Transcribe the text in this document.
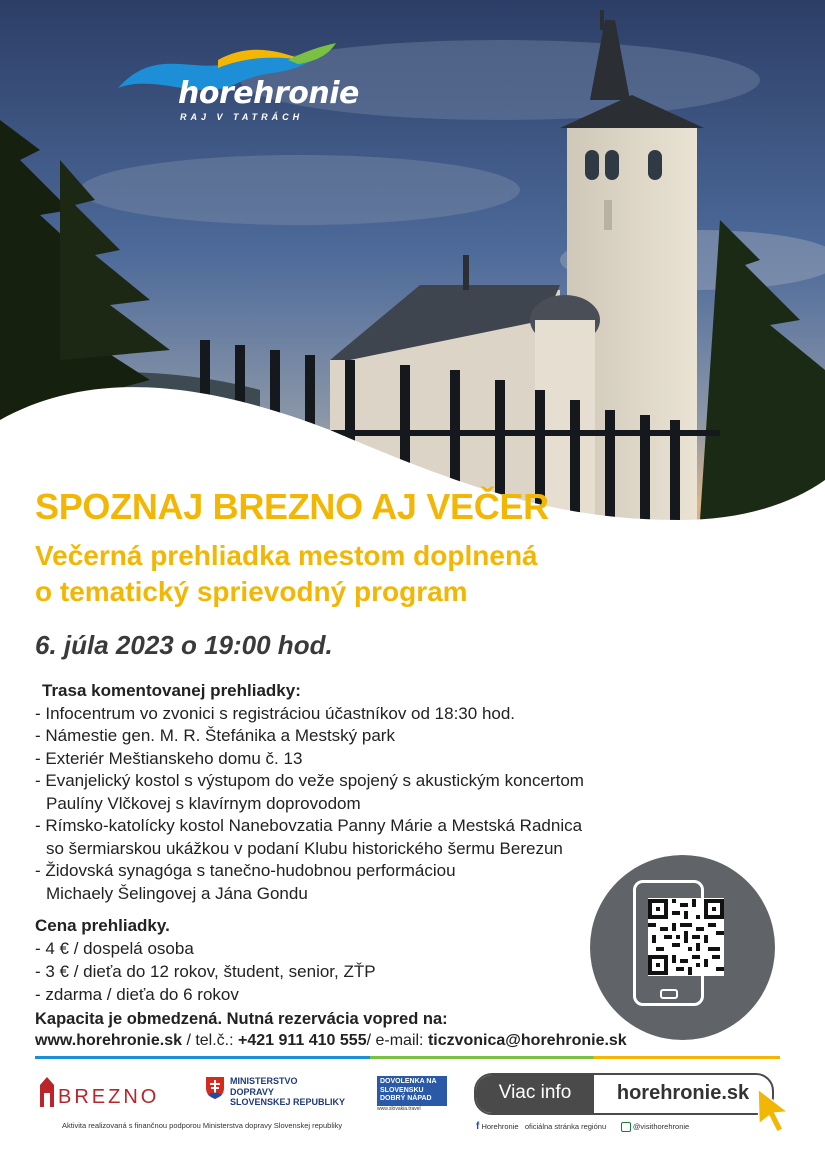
horehronie
RAJ V TATRÁCH
SPOZNAJ BREZNO AJ VEČER
Večerná prehliadka mestom doplnená
o tematický sprievodný program
6. júla 2023 o 19:00 hod.
Trasa komentovanej prehliadky:
- Infocentrum vo zvonici s registráciou účastníkov od 18:30 hod.
- Námestie gen. M. R. Štefánika a Mestský park
- Exteriér Meštianskeho domu č. 13
- Evanjelický kostol s výstupom do veže spojený s akustickým koncertom
Paulíny Vlčkovej s klavírnym doprovodom
- Rímsko-katolícky kostol Nanebovzatia Panny Márie a Mestská Radnica
so šermiarskou ukážkou v podaní Klubu historického šermu Berezun
- Židovská synagóga s tanečno-hudobnou performáciou
Michaely Šelingovej a Jána Gondu
Cena prehliadky.
- 4 € / dospelá osoba
- 3 € / dieťa do 12 rokov, študent, senior, ZŤP
- zdarma / dieťa do 6 rokov
Kapacita je obmedzená. Nutná rezervácia vopred na:
www.horehronie.sk / tel.č.: +421 911 410 555/ e-mail: ticzvonica@horehronie.sk
BREZNO
MINISTERSTVO
DOPRAVY
SLOVENSKEJ REPUBLIKY
DOVOLENKA NA
SLOVENSKU
DOBRÝ NÁPAD
www.slovakia.travel
Viac info	horehronie.sk
Aktivita realizovaná s finančnou podporou Ministerstva dopravy Slovenskej republiky	f Horehronie oficiálna stránka regiónu	@visithorehronie
